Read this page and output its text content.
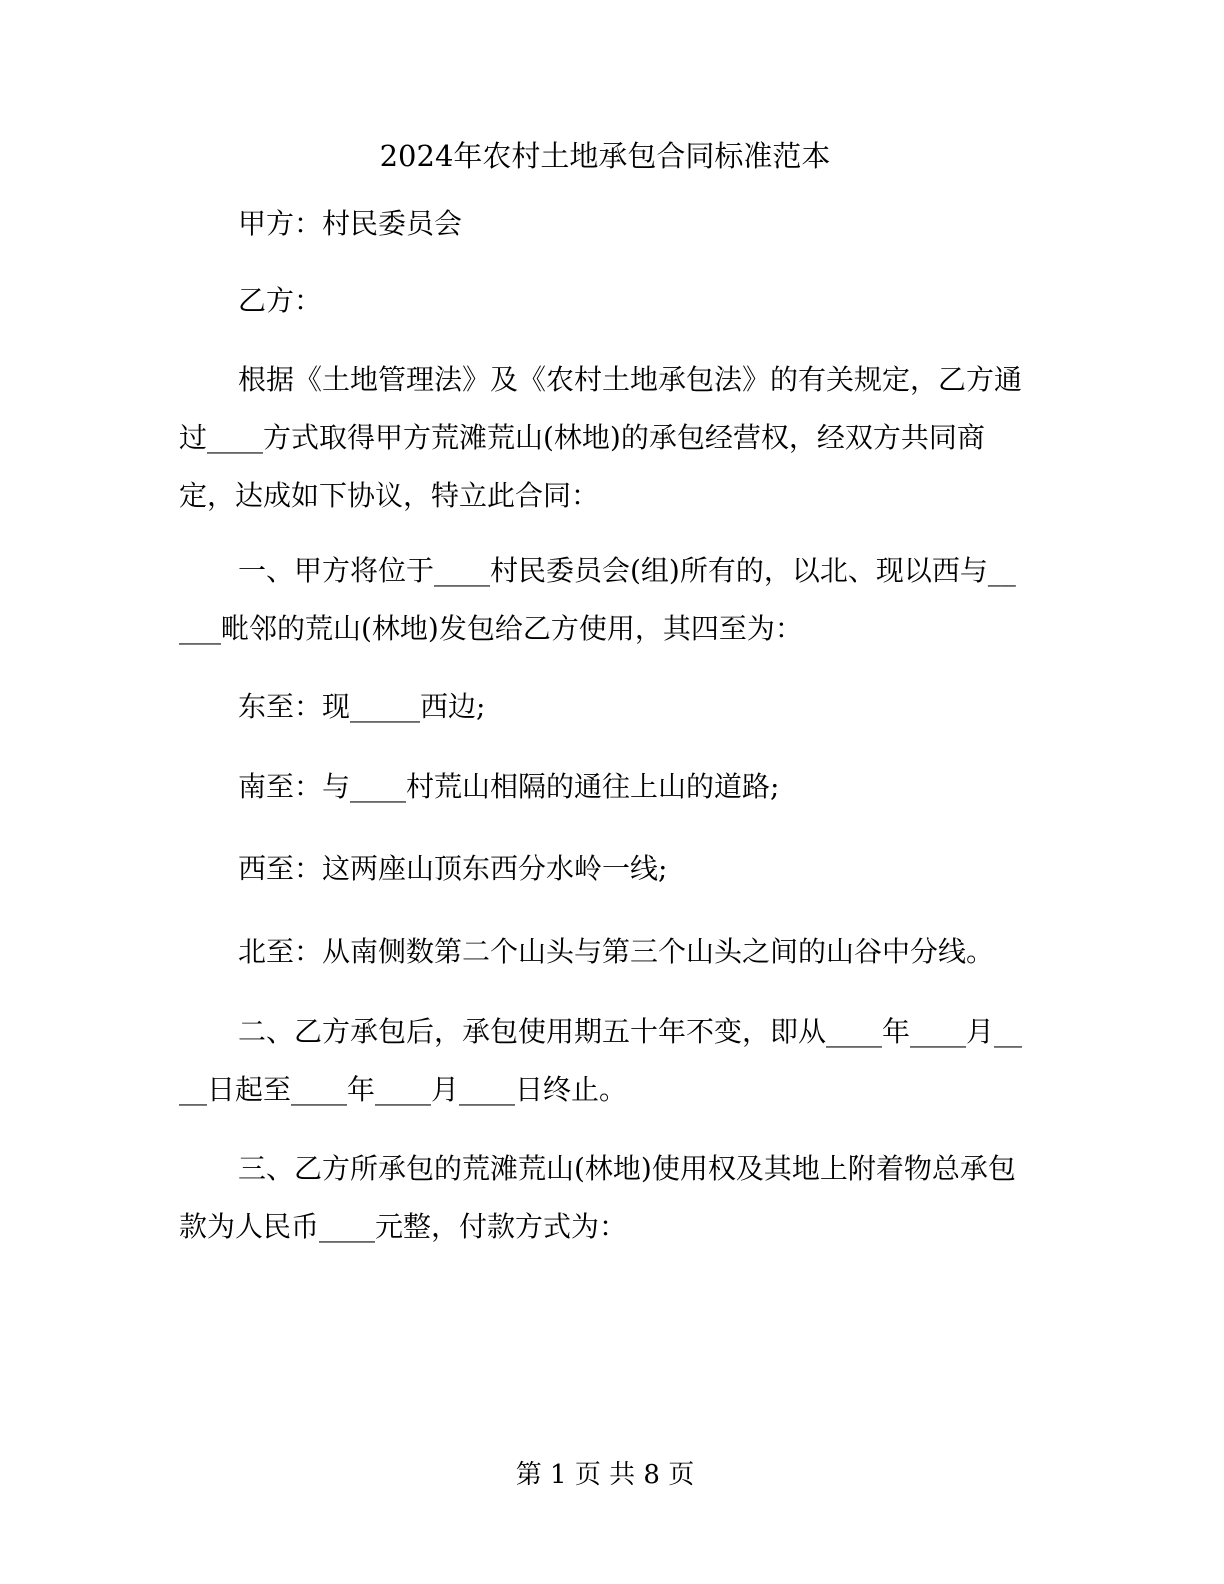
2024年农村土地承包合同标准范本

甲方：村民委员会

乙方：

根据《土地管理法》及《农村土地承包法》的有关规定，乙方通过____方式取得甲方荒滩荒山(林地)的承包经营权，经双方共同商定，达成如下协议，特立此合同：

一、甲方将位于____村民委员会(组)所有的，以北、现以西与_____毗邻的荒山(林地)发包给乙方使用，其四至为：

东至：现_____西边;

南至：与____村荒山相隔的通往上山的道路;

西至：这两座山顶东西分水岭一线;

北至：从南侧数第二个山头与第三个山头之间的山谷中分线。

二、乙方承包后，承包使用期五十年不变，即从____年____月____日起至____年____月____日终止。

三、乙方所承包的荒滩荒山(林地)使用权及其地上附着物总承包款为人民币____元整，付款方式为：

第 1 页 共 8 页
